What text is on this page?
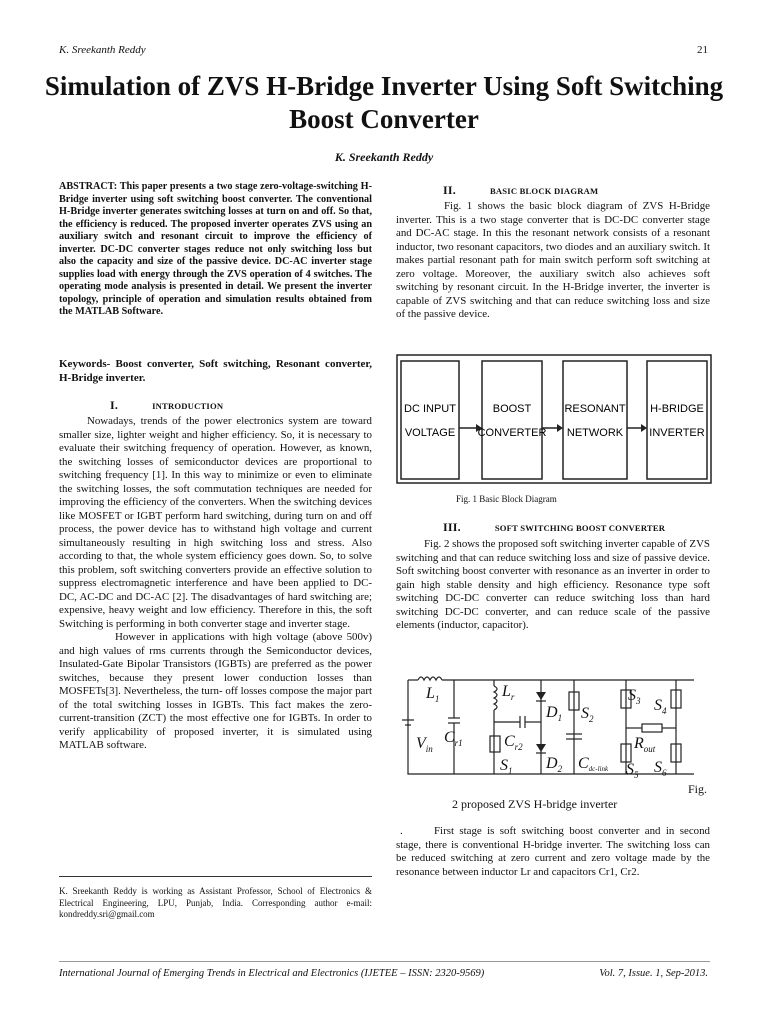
K. Sreekanth Reddy	21
Simulation of ZVS H-Bridge Inverter Using Soft Switching Boost Converter
K. Sreekanth Reddy
ABSTRACT: This paper presents a two stage zero-voltage-switching H-Bridge inverter using soft switching boost converter. The conventional H-Bridge inverter generates switching losses at turn on and off. So that, the efficiency is reduced. The proposed inverter operates ZVS using an auxiliary switch and resonant circuit to improve the efficiency of inverter. DC-DC converter stages reduce not only switching loss but also the capacity and size of the passive device. DC-AC inverter stage supplies load with energy through the ZVS operation of 4 switches. The operating mode analysis is presented in detail. We present the inverter topology, principle of operation and simulation results obtained from the MATLAB Software.
Keywords- Boost converter, Soft switching, Resonant converter, H-Bridge inverter.
I.	INTRODUCTION

Nowadays, trends of the power electronics system are toward smaller size, lighter weight and higher efficiency. So, it is necessary to evaluate their switching frequency of operation. However, as known, the switching losses of semiconductor devices are proportional to switching frequency [1]. In this way to minimize or even to eliminate the switching losses, the soft commutation techniques are needed for improving the efficiency of the converters. When the switching devices like MOSFET or IGBT perform hard switching, during turn on and off process, the power device has to withstand high voltage and current simultaneously resulting in high switching loss and stress. Also according to that, the whole system efficiency goes down. So, to solve this problem, soft switching converters provide an effective solution to suppress electromagnetic interference and have been applied to DC-DC, AC-DC and DC-AC [2]. The disadvantages of hard switching are; expensive, heavy weight and low efficiency. Therefore in this, the soft Switching is performing in both converter stage and inverter stage.

However in applications with high voltage (above 500v) and high values of rms currents through the Semiconductor devices, Insulated-Gate Bipolar Transistors (IGBTs) are preferred as the power switches, because they present lower conduction losses than MOSFETs[3]. Nevertheless, the turn- off losses compose the major part of the total switching losses in IGBTs. This fact makes the zero-current-transition (ZCT) the most effective one for IGBTs. In order to verify applicability of proposed inverter, it is simulated using MATLAB software.

K. Sreekanth Reddy is working as Assistant Professor, School of Electronics & Electrical Engineering, LPU, Punjab, India. Corresponding author e-mail: kondreddy.sri@gmail.com
II.	BASIC BLOCK DIAGRAM

Fig. 1 shows the basic block diagram of ZVS H-Bridge inverter. This is a two stage converter that is DC-DC converter stage and DC-AC stage. In this the resonant network consists of a resonant inductor, two resonant capacitors, two diodes and an auxiliary switch. It makes partial resonant path for main switch perform soft switching at zero voltage. Moreover, the auxiliary switch also achieves soft switching by resonant circuit. In the H-Bridge inverter, the inverter is capable of ZVS switching and that can reduce switching loss and size of the passive device.

DC INPUT
VOLTAGE
BOOST
CONVERTER
RESONANT
NETWORK
H-BRIDGE
INVERTER
Fig. 1 Basic Block Diagram
III.	SOFT SWITCHING BOOST CONVERTER

Fig. 2 shows the proposed soft switching inverter capable of ZVS switching and that can reduce switching loss and size of passive device. Soft switching boost converter with resonance as an inverter in order to gain high stable density and high efficiency. Resonance type soft switching DC-DC converter can reduce switching loss than hard switching DC-DC converter, and can reduce scale of the passive elements (inductor, capacitor).

$L_1$	$L_r$
$D_1$ $S_2$
$S_3$ $S_4$
$V_{in}$
$C_{r1}$	$C_{r2}$	$R_{out}$
$S_1$ $D_2$ Cdc-link $S_5$ $S_6$
Fig.
2 proposed ZVS H-bridge inverter
.	First stage is soft switching boost converter and in second stage, there is conventional H-bridge inverter. The switching loss can be reduced switching at zero current and zero voltage made by the resonance between inductor Lr and capacitors Cr1, Cr2.

International Journal of Emerging Trends in Electrical and Electronics (IJETEE – ISSN: 2320-9569)	Vol. 7, Issue. 1, Sep-2013.
